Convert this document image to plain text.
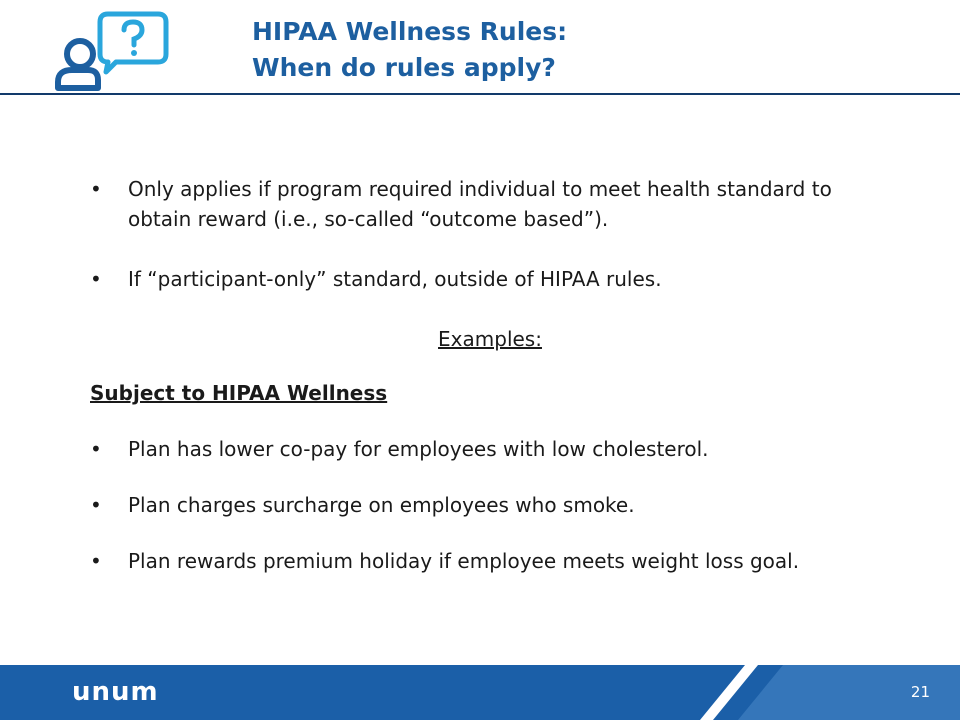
HIPAA Wellness Rules:
When do rules apply?

• Only applies if program required individual to meet health standard to obtain reward (i.e., so-called “outcome based”).

• If “participant-only” standard, outside of HIPAA rules.

Examples:

Subject to HIPAA Wellness

• Plan has lower co-pay for employees with low cholesterol.

• Plan charges surcharge on employees who smoke.

• Plan rewards premium holiday if employee meets weight loss goal.

unum	21
